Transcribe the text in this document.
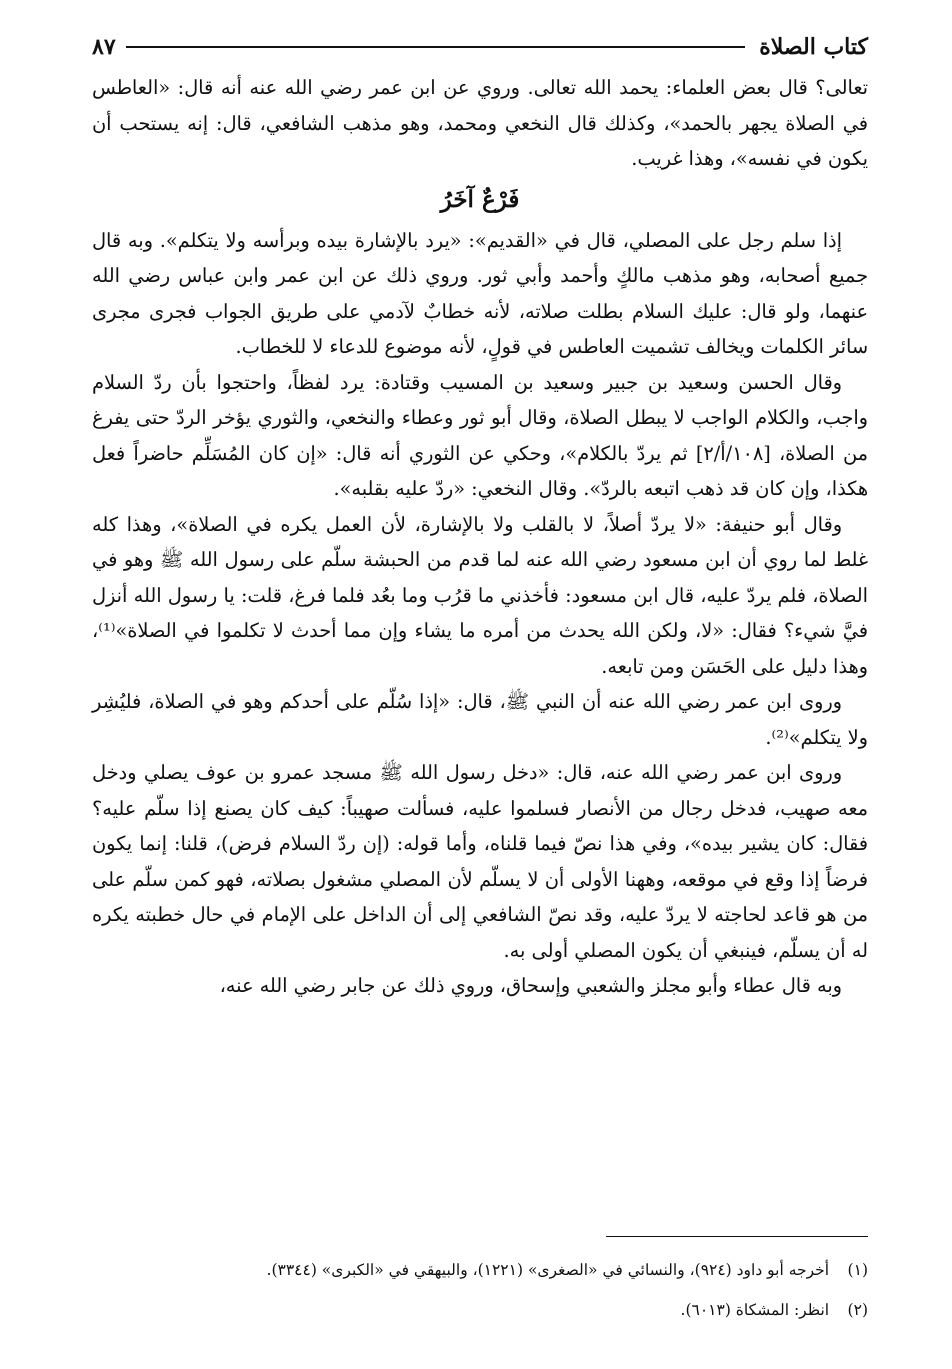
كتاب الصلاة
٨٧

تعالى؟ قال بعض العلماء: يحمد الله تعالى. وروي عن ابن عمر رضي الله عنه أنه قال: «العاطس في الصلاة يجهر بالحمد»، وكذلك قال النخعي ومحمد، وهو مذهب الشافعي، قال: إنه يستحب أن يكون في نفسه»، وهذا غريب.

فَرْعٌ آخَرُ

إذا سلم رجل على المصلي، قال في «القديم»: «يرد بالإشارة بيده وبرأسه ولا يتكلم». وبه قال جميع أصحابه، وهو مذهب مالكٍ وأحمد وأبي ثور. وروي ذلك عن ابن عمر وابن عباس رضي الله عنهما، ولو قال: عليك السلام بطلت صلاته، لأنه خطابٌ لآدمي على طريق الجواب فجرى مجرى سائر الكلمات ويخالف تشميت العاطس في قولٍ، لأنه موضوع للدعاء لا للخطاب.

وقال الحسن وسعيد بن جبير وسعيد بن المسيب وقتادة: يرد لفظاً، واحتجوا بأن ردّ السلام واجب، والكلام الواجب لا يبطل الصلاة، وقال أبو ثور وعطاء والنخعي، والثوري يؤخر الردّ حتى يفرغ من الصلاة، [١٠٨/أ/٢] ثم يردّ بالكلام»، وحكي عن الثوري أنه قال: «إن كان المُسَلِّم حاضراً فعل هكذا، وإن كان قد ذهب اتبعه بالردّ». وقال النخعي: «ردّ عليه بقلبه».

وقال أبو حنيفة: «لا يردّ أصلاً، لا بالقلب ولا بالإشارة، لأن العمل يكره في الصلاة»، وهذا كله غلط لما روي أن ابن مسعود رضي الله عنه لما قدم من الحبشة سلّم على رسول الله ﷺ وهو في الصلاة، فلم يردّ عليه، قال ابن مسعود: فأخذني ما قرُب وما بعُد فلما فرغ، قلت: يا رسول الله أنزل فيَّ شيء؟ فقال: «لا، ولكن الله يحدث من أمره ما يشاء وإن مما أحدث لا تكلموا في الصلاة»⁽¹⁾، وهذا دليل على الحَسَن ومن تابعه.

وروى ابن عمر رضي الله عنه أن النبي ﷺ، قال: «إذا سُلّم على أحدكم وهو في الصلاة، فليُشِر ولا يتكلم»⁽²⁾.

وروى ابن عمر رضي الله عنه، قال: «دخل رسول الله ﷺ مسجد عمرو بن عوف يصلي ودخل معه صهيب، فدخل رجال من الأنصار فسلموا عليه، فسألت صهيباً: كيف كان يصنع إذا سلّم عليه؟ فقال: كان يشير بيده»، وفي هذا نصّ فيما قلناه، وأما قوله: (إن ردّ السلام فرض)، قلنا: إنما يكون فرضاً إذا وقع في موقعه، وههنا الأولى أن لا يسلّم لأن المصلي مشغول بصلاته، فهو كمن سلّم على من هو قاعد لحاجته لا يردّ عليه، وقد نصّ الشافعي إلى أن الداخل على الإمام في حال خطبته يكره له أن يسلّم، فينبغي أن يكون المصلي أولى به.

وبه قال عطاء وأبو مجلز والشعبي وإسحاق، وروي ذلك عن جابر رضي الله عنه،

(١) أخرجه أبو داود (٩٢٤)، والنسائي في «الصغرى» (١٢٢١)، والبيهقي في «الكبرى» (٣٣٤٤).

(٢) انظر: المشكاة (٦٠١٣).
